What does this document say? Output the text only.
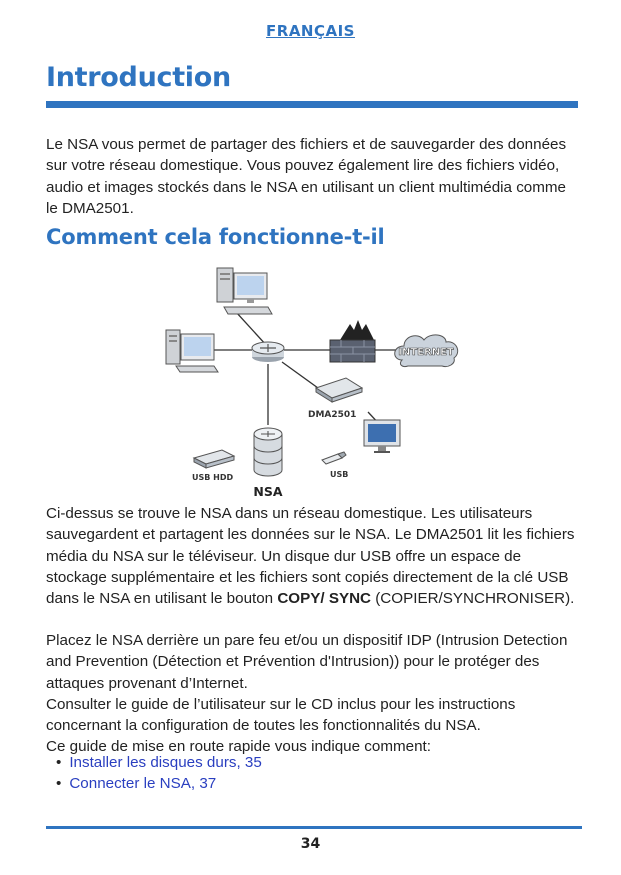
FRANÇAIS
Introduction
Le NSA vous permet de partager des fichiers et de sauvegarder des données sur votre réseau domestique. Vous pouvez également lire des fichiers vidéo, audio et images stockés dans le NSA en utilisant un client multimédia comme le DMA2501.
Comment cela fonctionne-t-il
INTERNET
DMA2501
NSA
USB HDD	USB
Ci-dessus se trouve le NSA dans un réseau domestique. Les utilisateurs sauvegardent et partagent les données sur le NSA. Le DMA2501 lit les fichiers média du NSA sur le téléviseur. Un disque dur USB offre un espace de stockage supplémentaire et les fichiers sont copiés directement de la clé USB dans le NSA en utilisant le bouton COPY/ SYNC (COPIER/SYNCHRONISER).
Placez le NSA derrière un pare feu et/ou un dispositif IDP (Intrusion Detection and Prevention (Détection et Prévention d'Intrusion)) pour le protéger des attaques provenant d’Internet.
Consulter le guide de l’utilisateur sur le CD inclus pour les instructions concernant la configuration de toutes les fonctionnalités du NSA.
Ce guide de mise en route rapide vous indique comment:
• Installer les disques durs, 35
• Connecter le NSA, 37
34
